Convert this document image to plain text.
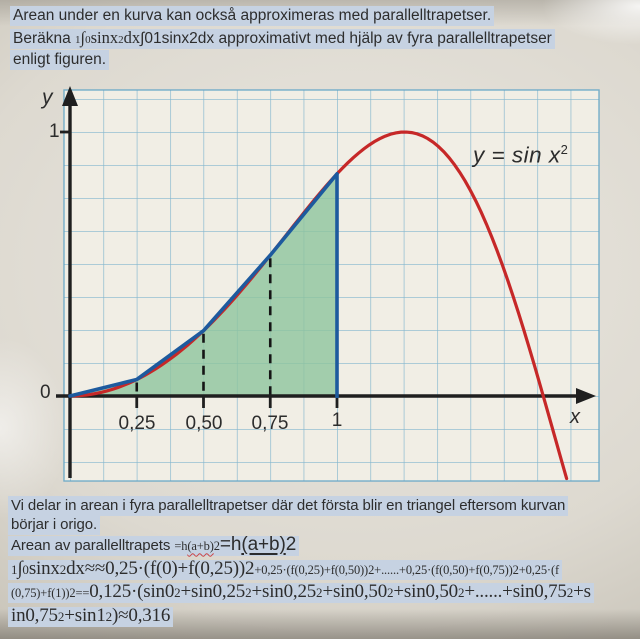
Arean under en kurva kan också approximeras med parallelltrapetser.
Beräkna 1∫0sinx2dx∫01sinx2dx approximativt med hjälp av fyra parallelltrapetser
enligt figuren.
y
1
0
0,25 0,50 0,75	1	x
$y = \sin x^2$
Vi delar in arean i fyra parallelltrapetser där det första blir en triangel eftersom kurvan
börjar i origo.
Arean av parallelltrapets =h(a+b)2=h(a+b)2
1∫0sinx2dx≈≈0,25·(f(0)+f(0,25))2+0,25·(f(0,25)+f(0,50))2+......+0,25·(f(0,50)+f(0,75))2+0,25·(f
(0,75)+f(1))2==0,125·(sin02+sin0,252+sin0,252+sin0,502+sin0,502+......+sin0,752+s
in0,752+sin12)≈0,316
